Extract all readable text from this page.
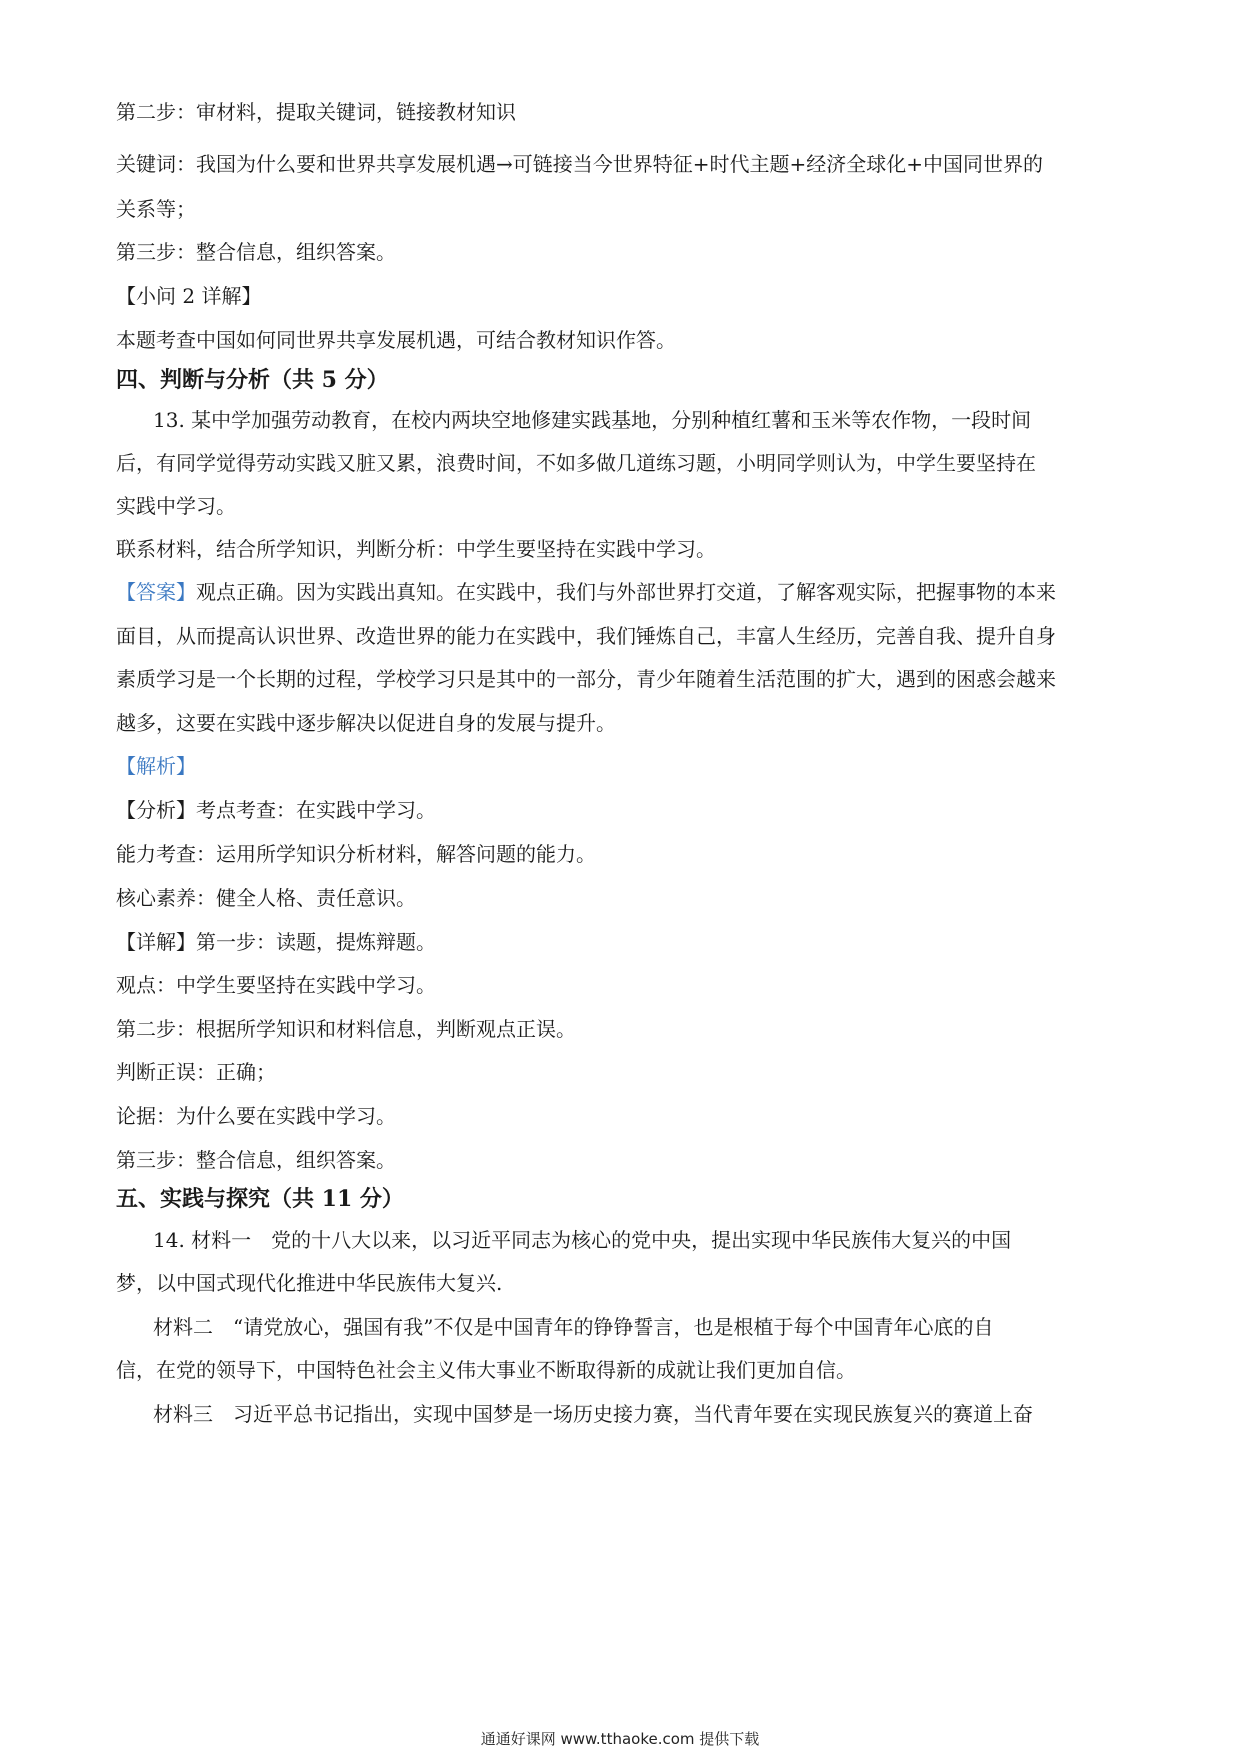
第二步：审材料，提取关键词，链接教材知识
关键词：我国为什么要和世界共享发展机遇→可链接当今世界特征+时代主题+经济全球化+中国同世界的
关系等；
第三步：整合信息，组织答案。
【小问 2 详解】
本题考查中国如何同世界共享发展机遇，可结合教材知识作答。
四、判断与分析（共 5 分）
13. 某中学加强劳动教育，在校内两块空地修建实践基地，分别种植红薯和玉米等农作物，一段时间
后，有同学觉得劳动实践又脏又累，浪费时间，不如多做几道练习题，小明同学则认为，中学生要坚持在
实践中学习。
联系材料，结合所学知识，判断分析：中学生要坚持在实践中学习。
【答案】观点正确。因为实践出真知。在实践中，我们与外部世界打交道，了解客观实际，把握事物的本来
面目，从而提高认识世界、改造世界的能力在实践中，我们锤炼自己，丰富人生经历，完善自我、提升自身
素质学习是一个长期的过程，学校学习只是其中的一部分，青少年随着生活范围的扩大，遇到的困惑会越来
越多，这要在实践中逐步解决以促进自身的发展与提升。
【解析】
【分析】考点考查：在实践中学习。
能力考查：运用所学知识分析材料，解答问题的能力。
核心素养：健全人格、责任意识。
【详解】第一步：读题，提炼辩题。
观点：中学生要坚持在实践中学习。
第二步：根据所学知识和材料信息，判断观点正误。
判断正误：正确；
论据：为什么要在实践中学习。
第三步：整合信息，组织答案。
五、实践与探究（共 11 分）
14. 材料一　党的十八大以来，以习近平同志为核心的党中央，提出实现中华民族伟大复兴的中国
梦，以中国式现代化推进中华民族伟大复兴.
材料二　“请党放心，强国有我”不仅是中国青年的铮铮誓言，也是根植于每个中国青年心底的自
信，在党的领导下，中国特色社会主义伟大事业不断取得新的成就让我们更加自信。
材料三　习近平总书记指出，实现中国梦是一场历史接力赛，当代青年要在实现民族复兴的赛道上奋
通通好课网 www.tthaoke.com 提供下载
